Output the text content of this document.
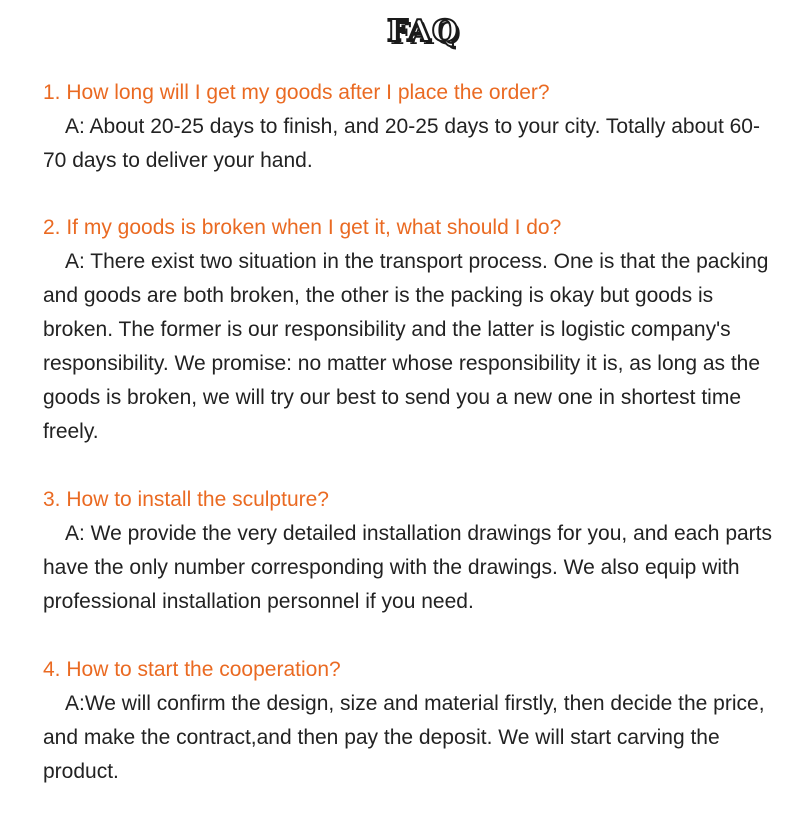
FAQ
1. How long will I get my goods after I place the order?
A: About 20-25 days to finish, and 20-25 days to your city. Totally about 60-70 days to deliver your hand.
2. If my goods is broken when I get it, what should I do?
A: There exist two situation in the transport process. One is that the packing and goods are both broken, the other is the packing is okay but goods is broken. The former is our responsibility and the latter is logistic company's responsibility. We promise: no matter whose responsibility it is, as long as the goods is broken, we will try our best to send you a new one in shortest time freely.
3. How to install the sculpture?
A: We provide the very detailed installation drawings for you, and each parts have the only number corresponding with the drawings. We also equip with professional installation personnel if you need.
4. How to start the cooperation?
A:We will confirm the design, size and material firstly, then decide the price, and make the contract,and then pay the deposit. We will start carving the product.
